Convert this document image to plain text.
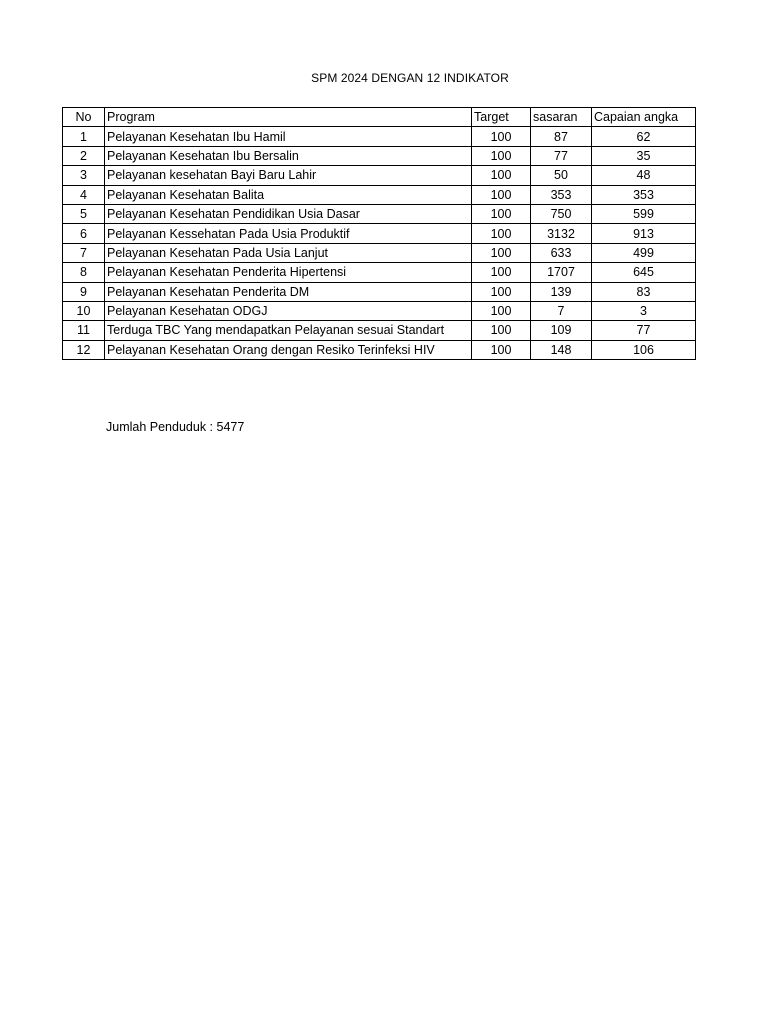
SPM 2024 DENGAN 12 INDIKATOR
No	Program	Target	sasaran	Capaian angka
1	Pelayanan Kesehatan Ibu Hamil	100	87	62
2	Pelayanan Kesehatan Ibu Bersalin	100	77	35
3	Pelayanan kesehatan Bayi Baru Lahir	100	50	48
4	Pelayanan Kesehatan Balita	100	353	353
5	Pelayanan Kesehatan Pendidikan Usia Dasar	100	750	599
6	Pelayanan Kessehatan Pada Usia Produktif	100	3132	913
7	Pelayanan Kesehatan Pada Usia Lanjut	100	633	499
8	Pelayanan Kesehatan Penderita Hipertensi	100	1707	645
9	Pelayanan Kesehatan Penderita DM	100	139	83
10	Pelayanan Kesehatan ODGJ	100	7	3
11	Terduga TBC Yang mendapatkan Pelayanan sesuai Standart	100	109	77
12	Pelayanan Kesehatan Orang dengan Resiko Terinfeksi HIV	100	148	106
Jumlah Penduduk : 5477
